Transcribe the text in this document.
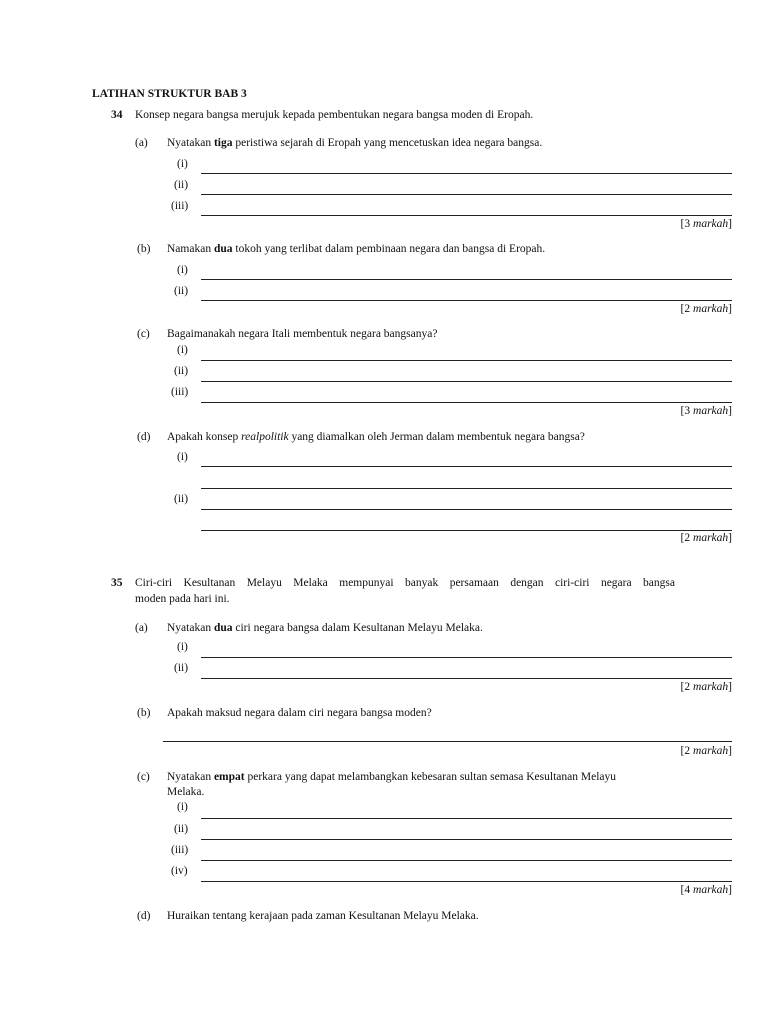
LATIHAN STRUKTUR BAB 3
34 Konsep negara bangsa merujuk kepada pembentukan negara bangsa moden di Eropah.
(a) Nyatakan tiga peristiwa sejarah di Eropah yang mencetuskan idea negara bangsa.
(i)
(ii)
(iii)
[3 markah]
(b) Namakan dua tokoh yang terlibat dalam pembinaan negara dan bangsa di Eropah.
(i)
(ii)
[2 markah]
(c) Bagaimanakah negara Itali membentuk negara bangsanya?
(i)
(ii)
(iii)
[3 markah]
(d) Apakah konsep realpolitik yang diamalkan oleh Jerman dalam membentuk negara bangsa?
(i)
(ii)
[2 markah]
35 Ciri-ciri Kesultanan Melayu Melaka mempunyai banyak persamaan dengan ciri-ciri negara bangsa
moden pada hari ini.
(a) Nyatakan dua ciri negara bangsa dalam Kesultanan Melayu Melaka.
(i)
(ii)
[2 markah]
(b) Apakah maksud negara dalam ciri negara bangsa moden?
[2 markah]
(c) Nyatakan empat perkara yang dapat melambangkan kebesaran sultan semasa Kesultanan Melayu
Melaka.
(i)
(ii)
(iii)
(iv)
[4 markah]
(d) Huraikan tentang kerajaan pada zaman Kesultanan Melayu Melaka.
